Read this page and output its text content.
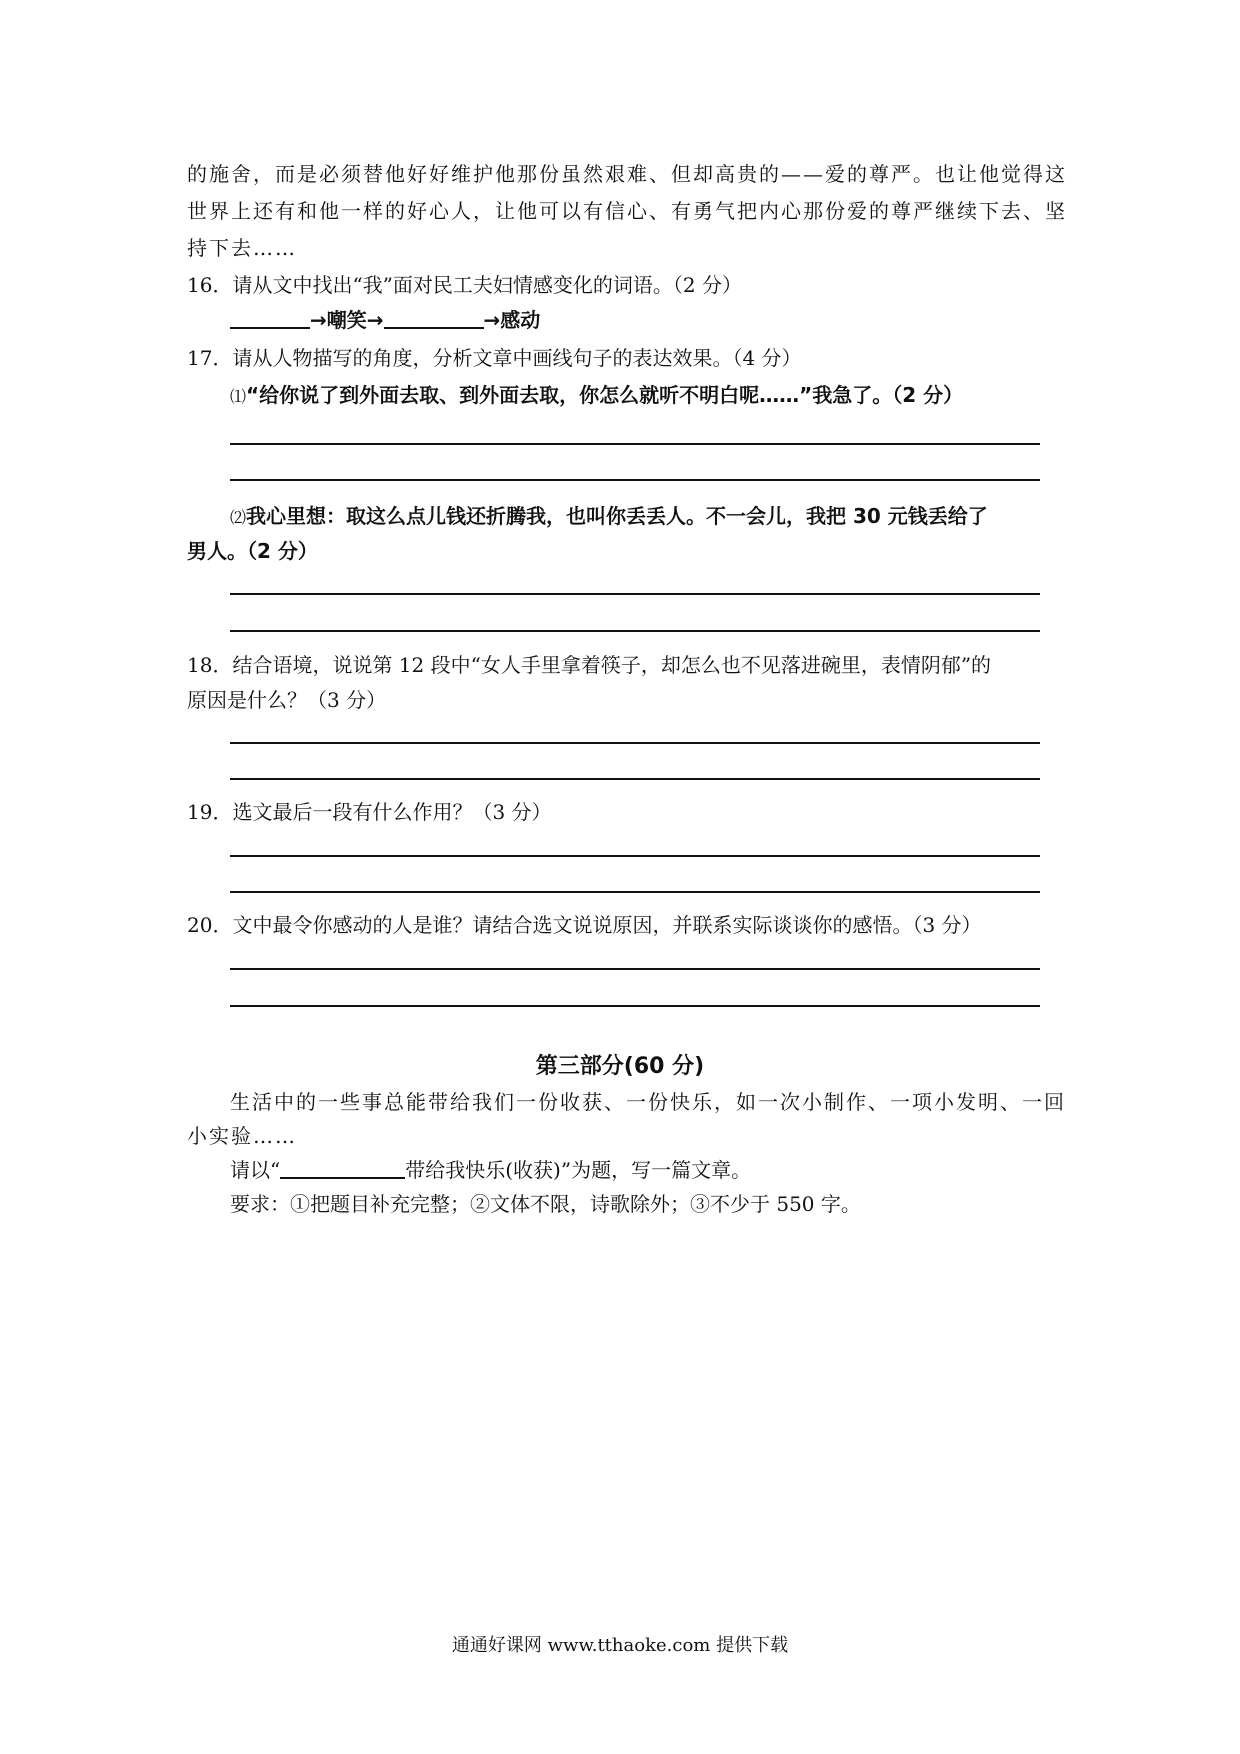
的施舍，而是必须替他好好维护他那份虽然艰难、但却高贵的——爱的尊严。也让他觉得这
世界上还有和他一样的好心人，让他可以有信心、有勇气把内心那份爱的尊严继续下去、坚
持下去……
16．请从文中找出“我”面对民工夫妇情感变化的词语。（2 分）
→嘲笑→	→感动
17．请从人物描写的角度，分析文章中画线句子的表达效果。（4 分）
⑴“给你说了到外面去取、到外面去取，你怎么就听不明白呢……”我急了。（2 分）
⑵我心里想：取这么点儿钱还折腾我，也叫你丢丢人。不一会儿，我把 30 元钱丢给了
男人。（2 分）
18．结合语境，说说第 12 段中“女人手里拿着筷子，却怎么也不见落进碗里，表情阴郁”的
原因是什么？（3 分）
19．选文最后一段有什么作用？（3 分）
20．文中最令你感动的人是谁？请结合选文说说原因，并联系实际谈谈你的感悟。（3 分）
第三部分(60 分)
生活中的一些事总能带给我们一份收获、一份快乐，如一次小制作、一项小发明、一回
小实验……
请以“	带给我快乐(收获)”为题，写一篇文章。
要求：①把题目补充完整；②文体不限，诗歌除外；③不少于 550 字。
通通好课网 www.tthaoke.com 提供下载
